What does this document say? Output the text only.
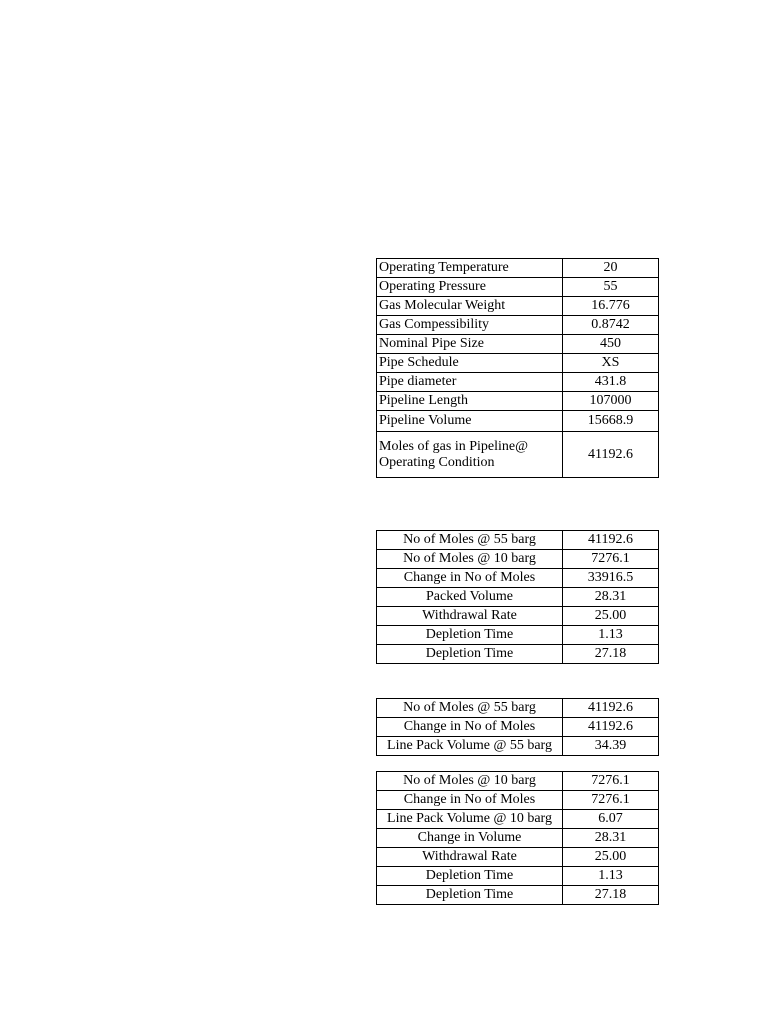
Operating Temperature	20
Operating Pressure	55
Gas Molecular Weight	16.776
Gas Compessibility	0.8742
Nominal Pipe Size	450
Pipe Schedule	XS
Pipe diameter	431.8
Pipeline Length	107000
Pipeline Volume	15668.9
Moles of gas in Pipeline@ Operating Condition	41192.6
No of Moles @ 55 barg	41192.6
No of Moles @ 10 barg	7276.1
Change in No of Moles	33916.5
Packed Volume	28.31
Withdrawal Rate	25.00
Depletion Time	1.13
Depletion Time	27.18
No of Moles @ 55 barg	41192.6
Change in No of Moles	41192.6
Line Pack Volume @ 55 barg	34.39
No of Moles @ 10 barg	7276.1
Change in No of Moles	7276.1
Line Pack Volume @ 10 barg	6.07
Change in Volume	28.31
Withdrawal Rate	25.00
Depletion Time	1.13
Depletion Time	27.18
